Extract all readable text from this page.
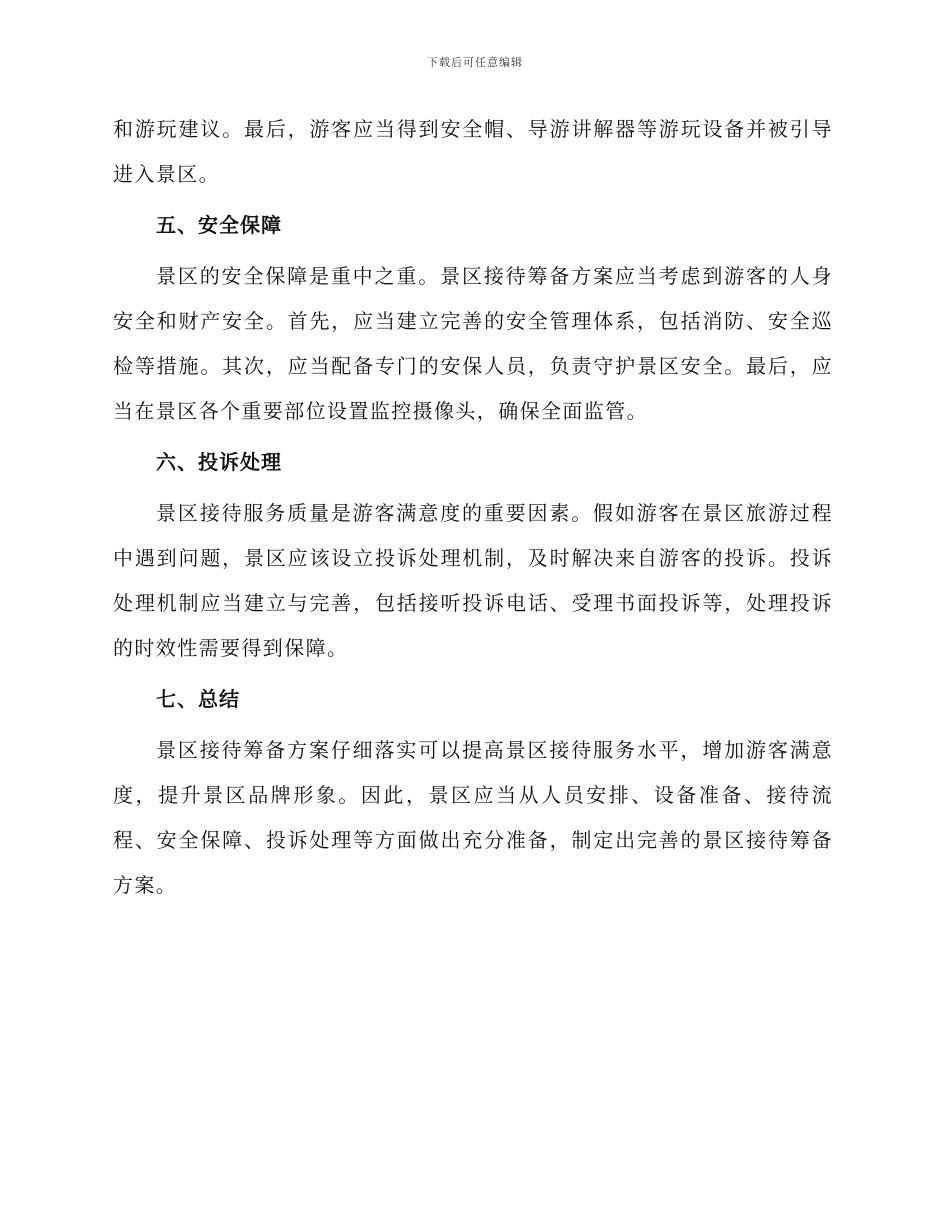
下载后可任意编辑

和游玩建议。最后，游客应当得到安全帽、导游讲解器等游玩设备并被引导进入景区。

五、安全保障

景区的安全保障是重中之重。景区接待筹备方案应当考虑到游客的人身安全和财产安全。首先，应当建立完善的安全管理体系，包括消防、安全巡检等措施。其次，应当配备专门的安保人员，负责守护景区安全。最后，应当在景区各个重要部位设置监控摄像头，确保全面监管。

六、投诉处理

景区接待服务质量是游客满意度的重要因素。假如游客在景区旅游过程中遇到问题，景区应该设立投诉处理机制，及时解决来自游客的投诉。投诉处理机制应当建立与完善，包括接听投诉电话、受理书面投诉等，处理投诉的时效性需要得到保障。

七、总结

景区接待筹备方案仔细落实可以提高景区接待服务水平，增加游客满意度，提升景区品牌形象。因此，景区应当从人员安排、设备准备、接待流程、安全保障、投诉处理等方面做出充分准备，制定出完善的景区接待筹备方案。
